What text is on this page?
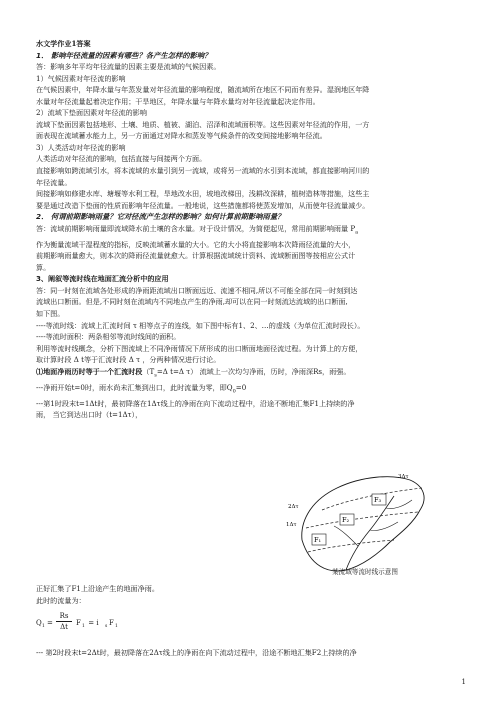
水文学作业1答案
1． 影响年径流量的因素有哪些？各产生怎样的影响？
答：影响多年平均年径流量的因素主要是流域的气候因素。
1）气候因素对年径流的影响
在气候因素中，年降水量与年蒸发量对年径流量的影响程度，随流域所在地区不同而有差异。湿润地区年降
水量对年径流量起着决定作用；干旱地区，年降水量与年降水量均对年径流量起决定作用。
2）流域下垫面因素对年径流的影响
流域下垫面因素包括地形、土壤、地质、植被、湖泊、沼泽和流域面积等。这些因素对年径流的作用，一方
面表现在流域蓄水能力上，另一方面通过对降水和蒸发等气候条件的改变间接地影响年径流。
3）人类活动对年径流的影响
人类活动对年径流的影响，包括直接与间接两个方面。
直接影响如跨流域引水，将本流域的水量引到另一流域，或将另一流域的水引到本流域，都直接影响河川的
年径流量。
间接影响如修建水库、塘堰等水利工程，旱地改水田，坡地改梯田，浅耕改深耕，植树造林等措施，这些主
要是通过改造下垫面的性质而影响年径流量。一般地说，这些措施都将使蒸发增加，从而使年径流量减少。
2． 何谓前期影响雨量？它对径流产生怎样的影响？如何计算前期影响雨量？
答：流域前期影响雨量即流域降水前土壤的含水量。对于设计情况，为简便起见，常用前期影响雨量 $P_a$
作为衡量流域干湿程度的指标，反映流域蓄水量的大小。它的大小将直接影响本次降雨径流量的大小，
前期影响雨量愈大，则本次的降雨径流量就愈大。计算根据流域统计资料、流域断面图等按相应公式计
算。
3、阐叙等流时线在地面汇流分析中的应用
答：同一时刻在流域各处形成的净雨距流域出口断面远近、流速不相同,所以不可能全部在同一时刻到达
流域出口断面。但是,不同时刻在流域内不同地点产生的净雨,却可以在同一时刻流达流域的出口断面,
如下图。
----等流时线：流域上汇流时间 τ 相等点子的连线，如下图中标有1、2、…的虚线（为单位汇流时段长）。
----等流时面积：两条相邻等流时线间的面积。
利用等流时线概念，分析下图流域上不同净雨情况下所形成的出口断面地面径流过程。为计算上的方便，
取计算时段 Δ t等于汇流时段 Δ τ ，分两种情况进行讨论。
⑴地面净雨历时等于一个汇流时段（$T_s=\Delta$ t=Δ τ） 流域上一次均匀净雨，历时，净雨深Rs，雨强。
---净雨开始t=0时，雨水尚未汇集到出口，此时流量为零，即$Q_0=0$
---第1时段末t=1Δt时，最初降落在1Δτ线上的净雨在向下流动过程中，沿途不断地汇集F1上持续的净
雨， 当它到达出口时（t=1Δτ），
正好汇集了F1上沿途产生的地面净雨。
此时的流量为：
Q 1 =
Rs
Δt	F 1 = i s F 1
--- 第2时段末t=2Δt时，最初降落在2Δτ线上的净雨在向下流动过程中，沿途不断地汇集F2上持续的净
F₃
F₂
F₁
3Δτ
2Δτ
1Δτ
某流域等流时线示意图
1
